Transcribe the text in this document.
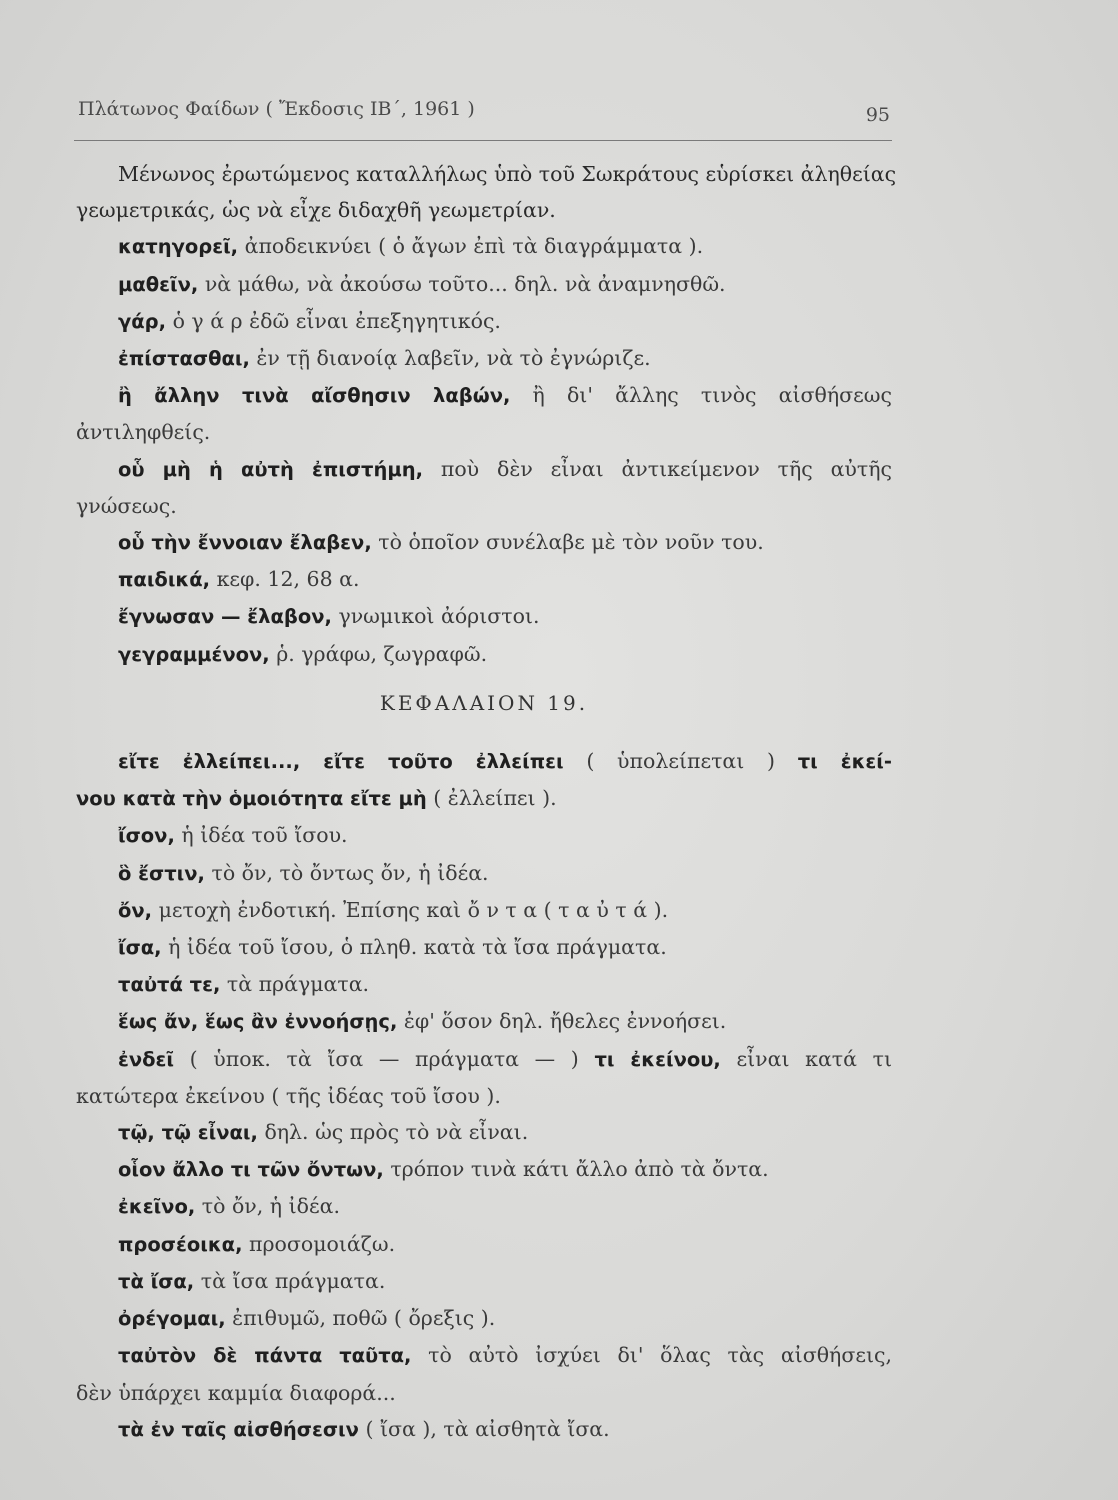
Πλάτωνος Φαίδων ( Ἔκδοσις ΙΒ΄, 1961 )	95
Μένωνος ἐρωτώμενος καταλλήλως ὑπὸ τοῦ Σωκράτους εὑρίσκει ἀληθείας
γεωμετρικάς, ὡς νὰ εἶχε διδαχθῆ γεωμετρίαν.
κατηγορεῖ, ἀποδεικνύει ( ὁ ἄγων ἐπὶ τὰ διαγράμματα ).
μαθεῖν, νὰ μάθω, νὰ ἀκούσω τοῦτο... δηλ. νὰ ἀναμνησθῶ.
γάρ, ὁ γ ά ρ ἐδῶ εἶναι ἐπεξηγητικός.
ἐπίστασθαι, ἐν τῇ διανοίᾳ λαβεῖν, νὰ τὸ ἐγνώριζε.
ἢ ἄλλην τινὰ αἴσθησιν λαβών, ἢ δι' ἄλλης τινὸς αἰσθήσεως
ἀντιληφθείς.
οὗ μὴ ἡ αὐτὴ ἐπιστήμη, ποὺ δὲν εἶναι ἀντικείμενον τῆς αὐτῆς
γνώσεως.
οὗ τὴν ἔννοιαν ἔλαβεν, τὸ ὁποῖον συνέλαβε μὲ τὸν νοῦν του.
παιδικά, κεφ. 12, 68 α.
ἔγνωσαν — ἔλαβον, γνωμικοὶ ἀόριστοι.
γεγραμμένον, ῥ. γράφω, ζωγραφῶ.
ΚΕΦΑΛΑΙΟΝ 19.
εἴτε ἐλλείπει..., εἴτε τοῦτο ἐλλείπει ( ὑπολείπεται ) τι ἐκεί-
νου κατὰ τὴν ὁμοιότητα εἴτε μὴ ( ἐλλείπει ).
ἴσον, ἡ ἰδέα τοῦ ἴσου.
ὃ ἔστιν, τὸ ὄν, τὸ ὄντως ὄν, ἡ ἰδέα.
ὄν, μετοχὴ ἐνδοτική. Ἐπίσης καὶ ὄ ν τ α ( τ α ὐ τ ά ).
ἴσα, ἡ ἰδέα τοῦ ἴσου, ὁ πληθ. κατὰ τὰ ἴσα πράγματα.
ταὐτά τε, τὰ πράγματα.
ἕως ἄν, ἕως ἂν ἐννοήσῃς, ἐφ' ὅσον δηλ. ἤθελες ἐννοήσει.
ἐνδεῖ ( ὑποκ. τὰ ἴσα — πράγματα — ) τι ἐκείνου, εἶναι κατά τι
κατώτερα ἐκείνου ( τῆς ἰδέας τοῦ ἴσου ).
τῷ, τῷ εἶναι, δηλ. ὡς πρὸς τὸ νὰ εἶναι.
οἷον ἄλλο τι τῶν ὄντων, τρόπον τινὰ κάτι ἄλλο ἀπὸ τὰ ὄντα.
ἐκεῖνο, τὸ ὄν, ἡ ἰδέα.
προσέοικα, προσομοιάζω.
τὰ ἴσα, τὰ ἴσα πράγματα.
ὀρέγομαι, ἐπιθυμῶ, ποθῶ ( ὄρεξις ).
ταὐτὸν δὲ πάντα ταῦτα, τὸ αὐτὸ ἰσχύει δι' ὅλας τὰς αἰσθήσεις,
δὲν ὑπάρχει καμμία διαφορά...
τὰ ἐν ταῖς αἰσθήσεσιν ( ἴσα ), τὰ αἰσθητὰ ἴσα.
